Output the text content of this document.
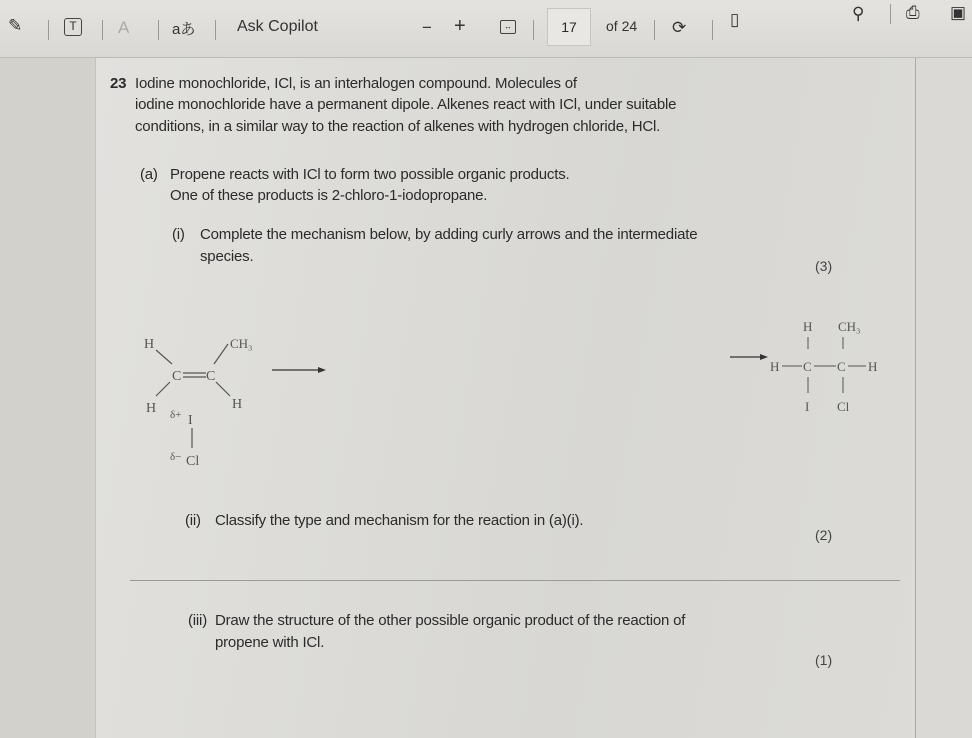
✎	T	A	aあ	Ask Copilot	− +	↔	17	of 24 ⟳	▯	⚲ ⎙ ▣
23 Iodine monochloride, ICl, is an interhalogen compound. Molecules of
iodine monochloride have a permanent dipole. Alkenes react with ICl, under suitable
conditions, in a similar way to the reaction of alkenes with hydrogen chloride, HCl.
(a) Propene reacts with ICl to form two possible organic products.
One of these products is 2-chloro-1-iodopropane.
(i) Complete the mechanism below, by adding curly arrows and the intermediate
species.
(3)
H	CH₃
C C
H	H
δ+ I
δ− Cl
H CH₃
H C C H
I Cl
(ii) Classify the type and mechanism for the reaction in (a)(i).
(2)
(iii) Draw the structure of the other possible organic product of the reaction of
propene with ICl.
(1)
